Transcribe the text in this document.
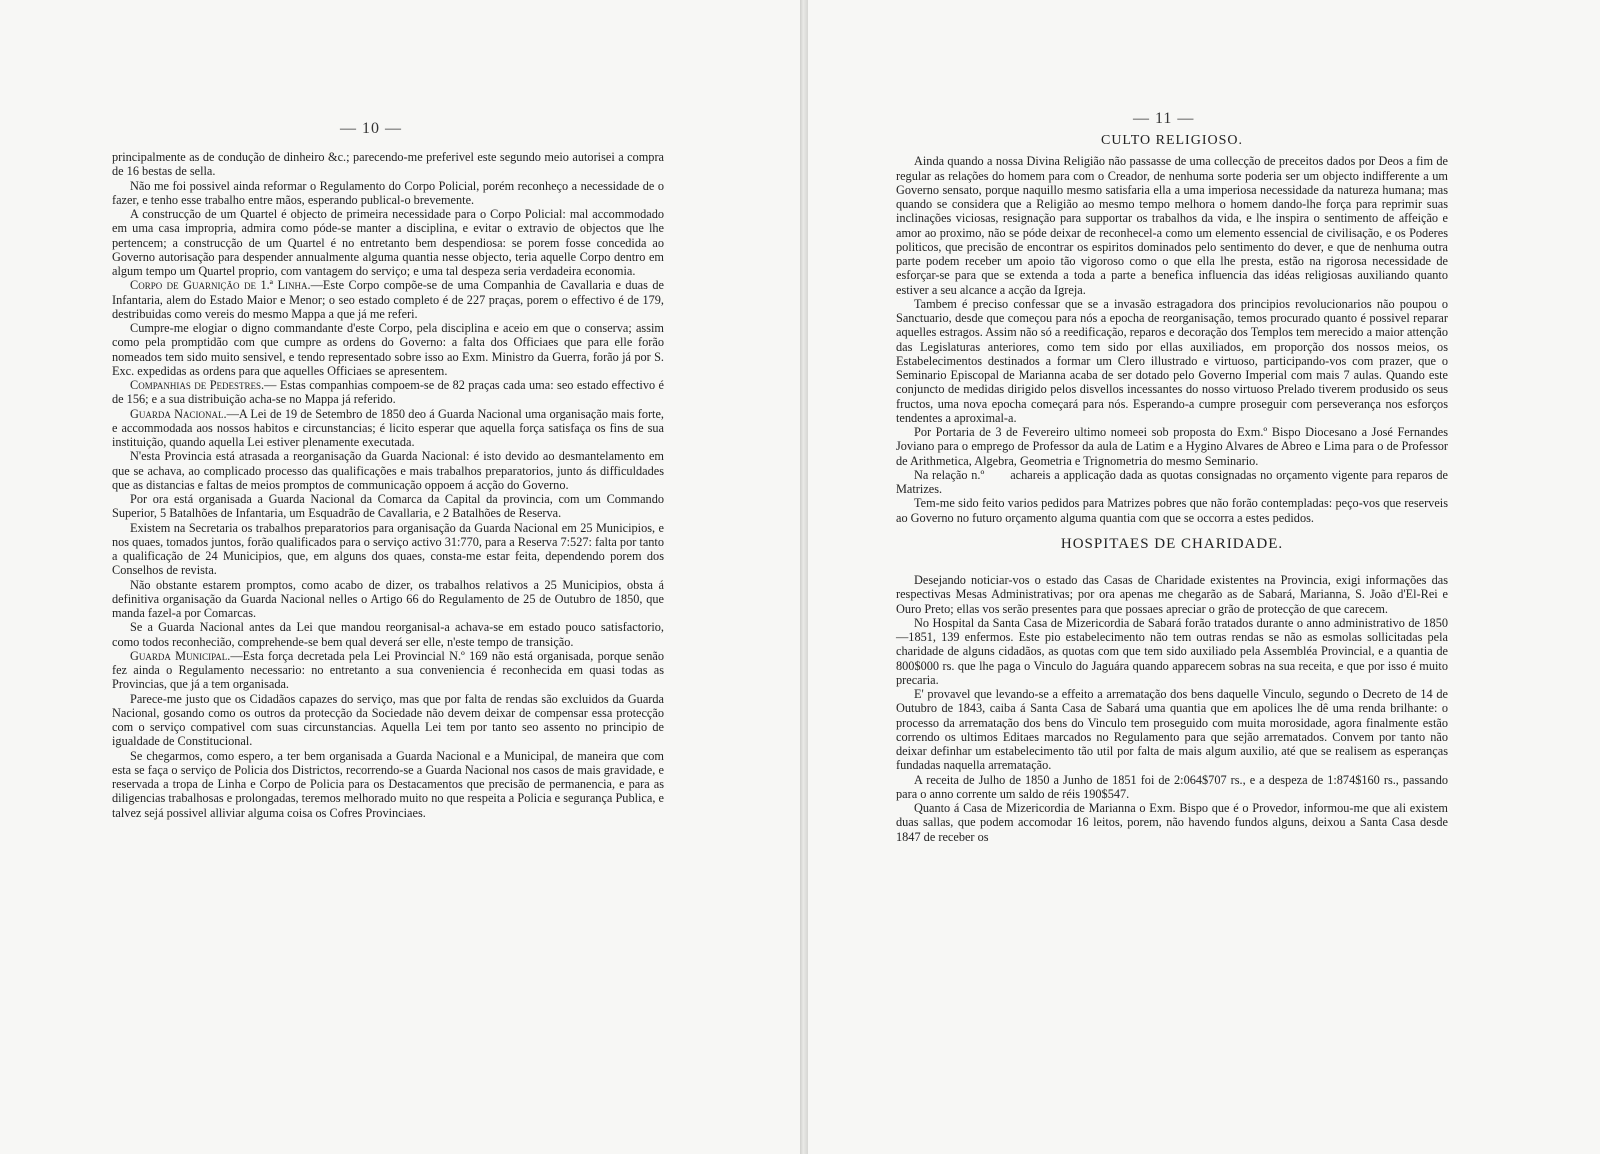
— 10 —

principalmente as de condução de dinheiro &c.; parecendo-me preferivel este segundo meio autorisei a compra de 16 bestas de sella.

Não me foi possivel ainda reformar o Regulamento do Corpo Policial, porém reconheço a necessidade de o fazer, e tenho esse trabalho entre mãos, esperando publical-o brevemente.

A construcção de um Quartel é objecto de primeira necessidade para o Corpo Policial: mal accommodado em uma casa impropria, admira como póde-se manter a disciplina, e evitar o extravio de objectos que lhe pertencem; a construcção de um Quartel é no entretanto bem despendiosa: se porem fosse concedida ao Governo autorisação para despender annualmente alguma quantia nesse objecto, teria aquelle Corpo dentro em algum tempo um Quartel proprio, com vantagem do serviço; e uma tal despeza seria verdadeira economia.

Corpo de Guarnição de 1.ª Linha.—Este Corpo compõe-se de uma Companhia de Cavallaria e duas de Infantaria, alem do Estado Maior e Menor; o seo estado completo é de 227 praças, porem o effectivo é de 179, destribuidas como vereis do mesmo Mappa a que já me referi.

Cumpre-me elogiar o digno commandante d'este Corpo, pela disciplina e aceio em que o conserva; assim como pela promptidão com que cumpre as ordens do Governo: a falta dos Officiaes que para elle forão nomeados tem sido muito sensivel, e tendo representado sobre isso ao Exm. Ministro da Guerra, forão já por S. Exc. expedidas as ordens para que aquelles Officiaes se apresentem.

Companhias de Pedestres.— Estas companhias compoem-se de 82 praças cada uma: seo estado effectivo é de 156; e a sua distribuição acha-se no Mappa já referido.

Guarda Nacional.—A Lei de 19 de Setembro de 1850 deo á Guarda Nacional uma organisação mais forte, e accommodada aos nossos habitos e circunstancias; é licito esperar que aquella força satisfaça os fins de sua instituição, quando aquella Lei estiver plenamente executada.

N'esta Provincia está atrasada a reorganisação da Guarda Nacional: é isto devido ao desmantelamento em que se achava, ao complicado processo das qualificações e mais trabalhos preparatorios, junto ás difficuldades que as distancias e faltas de meios promptos de communicação oppoem á acção do Governo.

Por ora está organisada a Guarda Nacional da Comarca da Capital da provincia, com um Commando Superior, 5 Batalhões de Infantaria, um Esquadrão de Cavallaria, e 2 Batalhões de Reserva.

Existem na Secretaria os trabalhos preparatorios para organisação da Guarda Nacional em 25 Municipios, e nos quaes, tomados juntos, forão qualificados para o serviço activo 31:770, para a Reserva 7:527: falta por tanto a qualificação de 24 Municipios, que, em alguns dos quaes, consta-me estar feita, dependendo porem dos Conselhos de revista.

Não obstante estarem promptos, como acabo de dizer, os trabalhos relativos a 25 Municipios, obsta á definitiva organisação da Guarda Nacional nelles o Artigo 66 do Regulamento de 25 de Outubro de 1850, que manda fazel-a por Comarcas.

Se a Guarda Nacional antes da Lei que mandou reorganisal-a achava-se em estado pouco satisfactorio, como todos reconhecião, comprehende-se bem qual deverá ser elle, n'este tempo de transição.

Guarda Municipal.—Esta força decretada pela Lei Provincial N.º 169 não está organisada, porque senão fez ainda o Regulamento necessario: no entretanto a sua conveniencia é reconhecida em quasi todas as Provincias, que já a tem organisada.

Parece-me justo que os Cidadãos capazes do serviço, mas que por falta de rendas são excluidos da Guarda Nacional, gosando como os outros da protecção da Sociedade não devem deixar de compensar essa protecção com o serviço compativel com suas circunstancias. Aquella Lei tem por tanto seo assento no principio de igualdade de Constitucional.

Se chegarmos, como espero, a ter bem organisada a Guarda Nacional e a Municipal, de maneira que com esta se faça o serviço de Policia dos Districtos, recorrendo-se a Guarda Nacional nos casos de mais gravidade, e reservada a tropa de Linha e Corpo de Policia para os Destacamentos que precisão de permanencia, e para as diligencias trabalhosas e prolongadas, teremos melhorado muito no que respeita a Policia e segurança Publica, e talvez sejá possivel alliviar alguma coisa os Cofres Provinciaes.

— 11 —
CULTO RELIGIOSO.

Ainda quando a nossa Divina Religião não passasse de uma collecção de preceitos dados por Deos a fim de regular as relações do homem para com o Creador, de nenhuma sorte poderia ser um objecto indifferente a um Governo sensato, porque naquillo mesmo satisfaria ella a uma imperiosa necessidade da natureza humana; mas quando se considera que a Religião ao mesmo tempo melhora o homem dando-lhe força para reprimir suas inclinações viciosas, resignação para supportar os trabalhos da vida, e lhe inspira o sentimento de affeição e amor ao proximo, não se póde deixar de reconhecel-a como um elemento essencial de civilisação, e os Poderes politicos, que precisão de encontrar os espiritos dominados pelo sentimento do dever, e que de nenhuma outra parte podem receber um apoio tão vigoroso como o que ella lhe presta, estão na rigorosa necessidade de esforçar-se para que se extenda a toda a parte a benefica influencia das idéas religiosas auxiliando quanto estiver a seu alcance a acção da Igreja.

Tambem é preciso confessar que se a invasão estragadora dos principios revolucionarios não poupou o Sanctuario, desde que começou para nós a epocha de reorganisação, temos procurado quanto é possivel reparar aquelles estragos. Assim não só a reedificação, reparos e decoração dos Templos tem merecido a maior attenção das Legislaturas anteriores, como tem sido por ellas auxiliados, em proporção dos nossos meios, os Estabelecimentos destinados a formar um Clero illustrado e virtuoso, participando-vos com prazer, que o Seminario Episcopal de Marianna acaba de ser dotado pelo Governo Imperial com mais 7 aulas. Quando este conjuncto de medidas dirigido pelos disvellos incessantes do nosso virtuoso Prelado tiverem produsido os seus fructos, uma nova epocha começará para nós. Esperando-a cumpre proseguir com perseverança nos esforços tendentes a aproximal-a.

Por Portaria de 3 de Fevereiro ultimo nomeei sob proposta do Exm.º Bispo Diocesano a José Fernandes Joviano para o emprego de Professor da aula de Latim e a Hygino Alvares de Abreo e Lima para o de Professor de Arithmetica, Algebra, Geometria e Trignometria do mesmo Seminario.

Na relação n.º       achareis a applicação dada as quotas consignadas no orçamento vigente para reparos de Matrizes.

Tem-me sido feito varios pedidos para Matrizes pobres que não forão contempladas: peço-vos que reserveis ao Governo no futuro orçamento alguma quantia com que se occorra a estes pedidos.

HOSPITAES DE CHARIDADE.

Desejando noticiar-vos o estado das Casas de Charidade existentes na Provincia, exigi informações das respectivas Mesas Administrativas; por ora apenas me chegarão as de Sabará, Marianna, S. João d'El-Rei e Ouro Preto; ellas vos serão presentes para que possaes apreciar o grão de protecção de que carecem.

No Hospital da Santa Casa de Mizericordia de Sabará forão tratados durante o anno administrativo de 1850—1851, 139 enfermos. Este pio estabelecimento não tem outras rendas se não as esmolas sollicitadas pela charidade de alguns cidadãos, as quotas com que tem sido auxiliado pela Assembléa Provincial, e a quantia de 800$000 rs. que lhe paga o Vinculo do Jaguára quando apparecem sobras na sua receita, e que por isso é muito precaria.

E' provavel que levando-se a effeito a arrematação dos bens daquelle Vinculo, segundo o Decreto de 14 de Outubro de 1843, caiba á Santa Casa de Sabará uma quantia que em apolices lhe dê uma renda brilhante: o processo da arrematação dos bens do Vinculo tem proseguido com muita morosidade, agora finalmente estão correndo os ultimos Editaes marcados no Regulamento para que sejão arrematados. Convem por tanto não deixar definhar um estabelecimento tão util por falta de mais algum auxilio, até que se realisem as esperanças fundadas naquella arrematação.

A receita de Julho de 1850 a Junho de 1851 foi de 2:064$707 rs., e a despeza de 1:874$160 rs., passando para o anno corrente um saldo de réis 190$547.

Quanto á Casa de Mizericordia de Marianna o Exm. Bispo que é o Provedor, informou-me que ali existem duas sallas, que podem accomodar 16 leitos, porem, não havendo fundos alguns, deixou a Santa Casa desde 1847 de receber os
